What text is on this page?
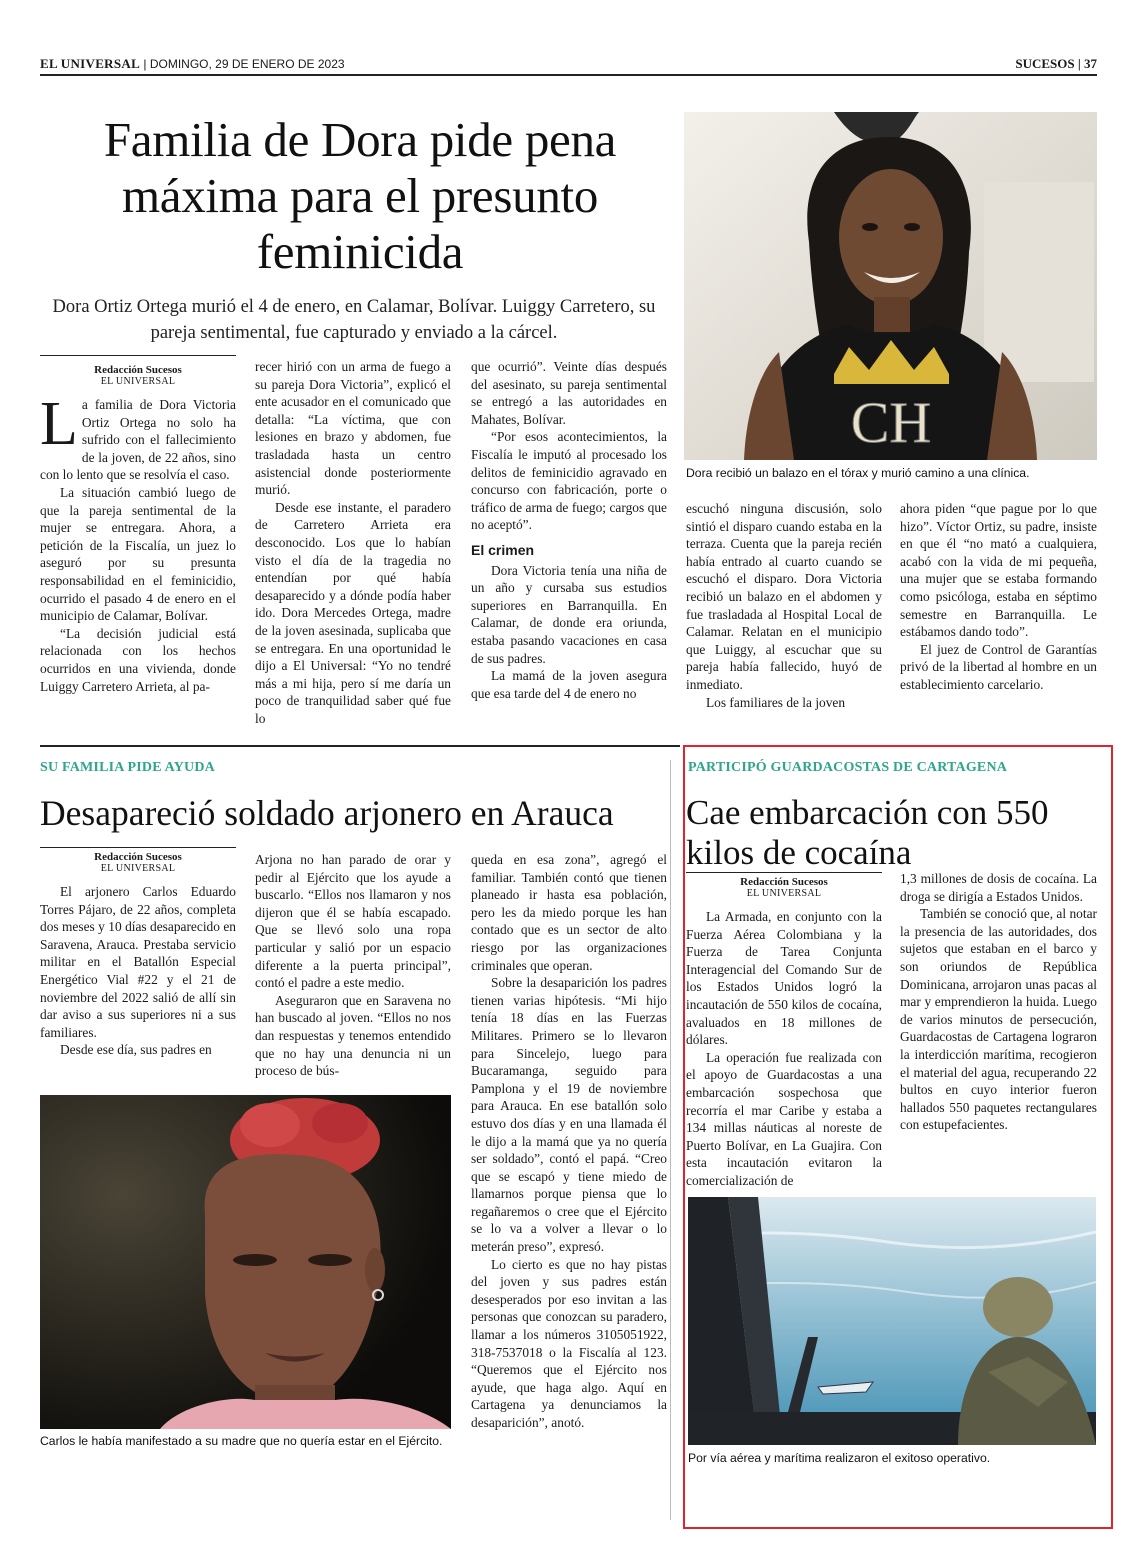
EL UNIVERSAL | DOMINGO, 29 DE ENERO DE 2023	SUCESOS | 37
Familia de Dora pide pena máxima para el presunto feminicida
Dora Ortiz Ortega murió el 4 de enero, en Calamar, Bolívar. Luiggy Carretero, su pareja sentimental, fue capturado y enviado a la cárcel.
CH
Dora recibió un balazo en el tórax y murió camino a una clínica.
Redacción Sucesos
EL UNIVERSAL

La familia de Dora Victoria Ortiz Ortega no solo ha sufrido con el fallecimiento de la joven, de 22 años, sino con lo lento que se resolvía el caso.

La situación cambió luego de que la pareja sentimental de la mujer se entregara. Ahora, a petición de la Fiscalía, un juez lo aseguró por su presunta responsabilidad en el feminicidio, ocurrido el pasado 4 de enero en el municipio de Calamar, Bolívar.

“La decisión judicial está relacionada con los hechos ocurridos en una vivienda, donde Luiggy Carretero Arrieta, al pa-

recer hirió con un arma de fuego a su pareja Dora Victoria”, explicó el ente acusador en el comunicado que detalla: “La víctima, que con lesiones en brazo y abdomen, fue trasladada hasta un centro asistencial donde posteriormente murió.

Desde ese instante, el paradero de Carretero Arrieta era desconocido. Los que lo habían visto el día de la tragedia no entendían por qué había desaparecido y a dónde podía haber ido. Dora Mercedes Ortega, madre de la joven asesinada, suplicaba que se entregara. En una oportunidad le dijo a El Universal: “Yo no tendré más a mi hija, pero sí me daría un poco de tranquilidad saber qué fue lo

que ocurrió”. Veinte días después del asesinato, su pareja sentimental se entregó a las autoridades en Mahates, Bolívar.

“Por esos acontecimientos, la Fiscalía le imputó al procesado los delitos de feminicidio agravado en concurso con fabricación, porte o tráfico de arma de fuego; cargos que no aceptó”.

El crimen

Dora Victoria tenía una niña de un año y cursaba sus estudios superiores en Barranquilla. En Calamar, de donde era oriunda, estaba pasando vacaciones en casa de sus padres.

La mamá de la joven asegura que esa tarde del 4 de enero no

escuchó ninguna discusión, solo sintió el disparo cuando estaba en la terraza. Cuenta que la pareja recién había entrado al cuarto cuando se escuchó el disparo. Dora Victoria recibió un balazo en el abdomen y fue trasladada al Hospital Local de Calamar. Relatan en el municipio que Luiggy, al escuchar que su pareja había fallecido, huyó de inmediato.

Los familiares de la joven

ahora piden “que pague por lo que hizo”. Víctor Ortiz, su padre, insiste en que él “no mató a cualquiera, acabó con la vida de mi pequeña, una mujer que se estaba formando como psicóloga, estaba en séptimo semestre en Barranquilla. Le estábamos dando todo”.

El juez de Control de Garantías privó de la libertad al hombre en un establecimiento carcelario.

SU FAMILIA PIDE AYUDA
Desapareció soldado arjonero en Arauca
Redacción Sucesos
EL UNIVERSAL

El arjonero Carlos Eduardo Torres Pájaro, de 22 años, completa dos meses y 10 días desaparecido en Saravena, Arauca. Prestaba servicio militar en el Batallón Especial Energético Vial #22 y el 21 de noviembre del 2022 salió de allí sin dar aviso a sus superiores ni a sus familiares.

Desde ese día, sus padres en

Arjona no han parado de orar y pedir al Ejército que los ayude a buscarlo. “Ellos nos llamaron y nos dijeron que él se había escapado. Que se llevó solo una ropa particular y salió por un espacio diferente a la puerta principal”, contó el padre a este medio.

Aseguraron que en Saravena no han buscado al joven. “Ellos no nos dan respuestas y tenemos entendido que no hay una denuncia ni un proceso de bús-

queda en esa zona”, agregó el familiar. También contó que tienen planeado ir hasta esa población, pero les da miedo porque les han contado que es un sector de alto riesgo por las organizaciones criminales que operan.

Sobre la desaparición los padres tienen varias hipótesis. “Mi hijo tenía 18 días en las Fuerzas Militares. Primero se lo llevaron para Sincelejo, luego para Bucaramanga, seguido para Pamplona y el 19 de noviembre para Arauca. En ese batallón solo estuvo dos días y en una llamada él le dijo a la mamá que ya no quería ser soldado”, contó el papá. “Creo que se escapó y tiene miedo de llamarnos porque piensa que lo regañaremos o cree que el Ejército se lo va a volver a llevar o lo meterán preso”, expresó.

Lo cierto es que no hay pistas del joven y sus padres están desesperados por eso invitan a las personas que conozcan su paradero, llamar a los números 3105051922, 318-7537018 o la Fiscalía al 123. “Queremos que el Ejército nos ayude, que haga algo. Aquí en Cartagena ya denunciamos la desaparición”, anotó.

Carlos le había manifestado a su madre que no quería estar en el Ejército.
PARTICIPÓ GUARDACOSTAS DE CARTAGENA
Cae embarcación con 550 kilos de cocaína
Redacción Sucesos
EL UNIVERSAL

La Armada, en conjunto con la Fuerza Aérea Colombiana y la Fuerza de Tarea Conjunta Interagencial del Comando Sur de los Estados Unidos logró la incautación de 550 kilos de cocaína, avaluados en 18 millones de dólares.

La operación fue realizada con el apoyo de Guardacostas a una embarcación sospechosa que recorría el mar Caribe y estaba a 134 millas náuticas al noreste de Puerto Bolívar, en La Guajira. Con esta incautación evitaron la comercialización de

1,3 millones de dosis de cocaína. La droga se dirigía a Estados Unidos.

También se conoció que, al notar la presencia de las autoridades, dos sujetos que estaban en el barco y son oriundos de República Dominicana, arrojaron unas pacas al mar y emprendieron la huida. Luego de varios minutos de persecución, Guardacostas de Cartagena lograron la interdicción marítima, recogieron el material del agua, recuperando 22 bultos en cuyo interior fueron hallados 550 paquetes rectangulares con estupefacientes.

Por vía aérea y marítima realizaron el exitoso operativo.
